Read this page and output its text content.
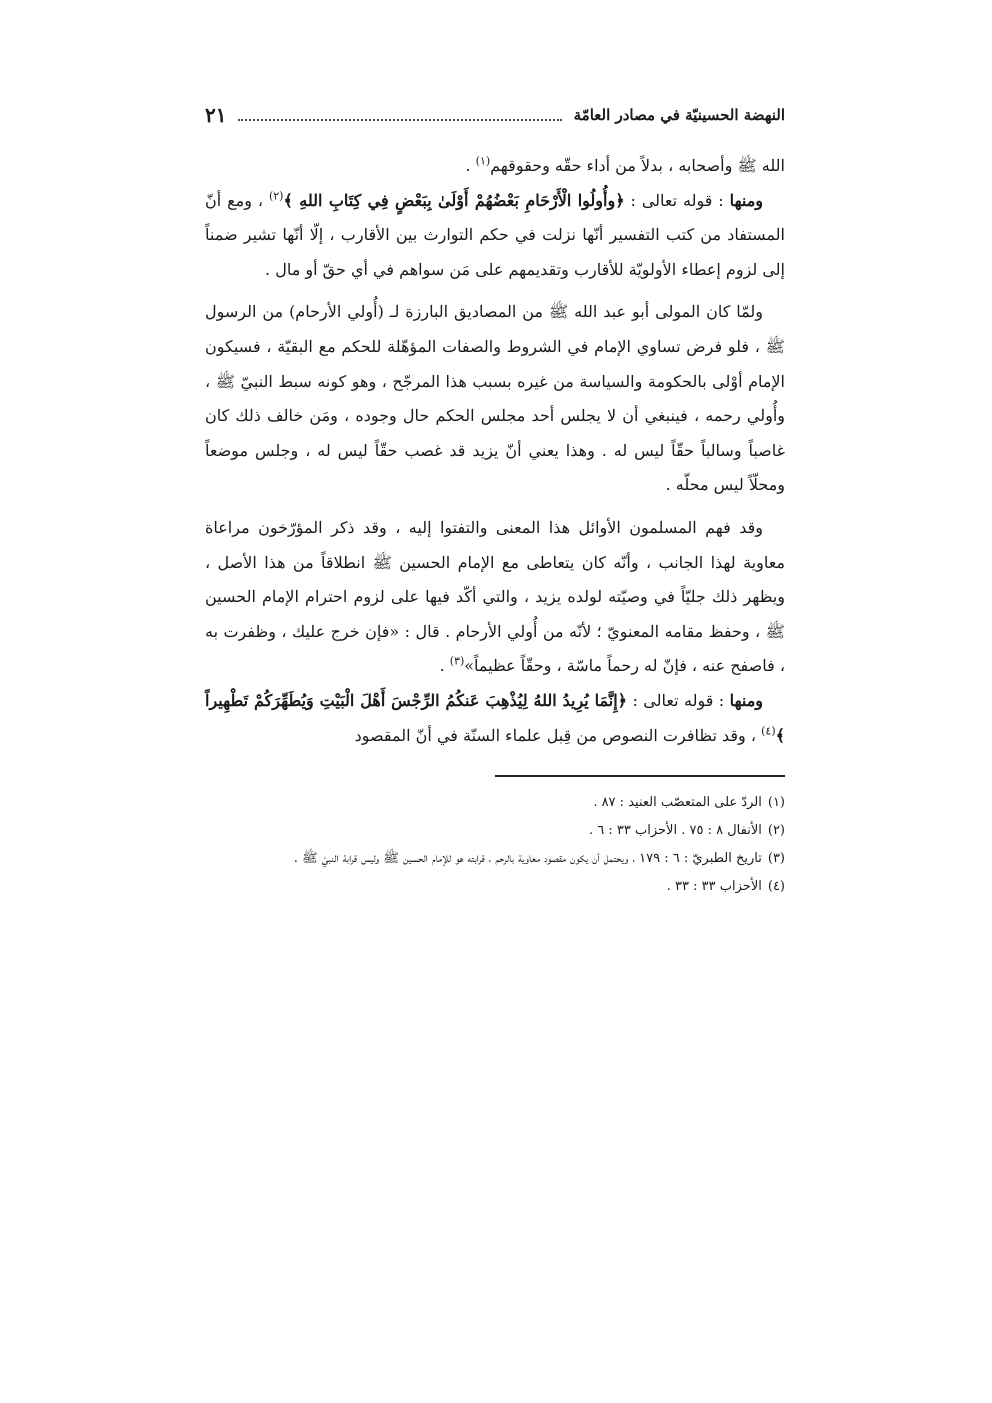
النهضة الحسينيّة في مصادر العامّة
٢١

الله ﷺ وأصحابه ، بدلاً من أداء حقّه وحقوقهم$^{(١)}$ .

ومنها : قوله تعالى : ﴿وأُولُوا الْأَرْحَامِ بَعْضُهُمْ أَوْلَىٰ بِبَعْضٍ فِي كِتَابِ اللهِ ﴾$^{(٢)}$ ، ومع أنّ المستفاد من كتب التفسير أنّها نزلت في حكم التوارث بين الأقارب ، إلّا أنّها تشير ضمناً إلى لزوم إعطاء الأولويّة للأقارب وتقديمهم على مَن سواهم في أي حقّ أو مال .

ولمّا كان المولى أبو عبد الله ﷺ من المصاديق البارزة لـ (أُولي الأرحام) من الرسول ﷺ ، فلو فرض تساوي الإمام في الشروط والصفات المؤهّلة للحكم مع البقيّة ، فسيكون الإمام أوْلى بالحكومة والسياسة من غيره بسبب هذا المرجّح ، وهو كونه سبط النبيّ ﷺ ، وأُولي رحمه ، فينبغي أن لا يجلس أحد مجلس الحكم حال وجوده ، ومَن خالف ذلك كان غاصباً وسالباً حقّاً ليس له . وهذا يعني أنّ يزيد قد غصب حقّاً ليس له ، وجلس موضعاً ومحلّاً ليس محلّه .

وقد فهم المسلمون الأوائل هذا المعنى والتفتوا إليه ، وقد ذكر المؤرّخون مراعاة معاوية لهذا الجانب ، وأنّه كان يتعاطى مع الإمام الحسين ﷺ انطلاقاً من هذا الأصل ، ويظهر ذلك جليّاً في وصيّته لولده يزيد ، والتي أكّد فيها على لزوم احترام الإمام الحسين ﷺ ، وحفظ مقامه المعنويّ ؛ لأنّه من أُولي الأرحام . قال : «فإن خرج عليك ، وظفرت به ، فاصفح عنه ، فإنّ له رحماً ماسّة ، وحقّاً عظيماً»$^{(٣)}$ .

ومنها : قوله تعالى : ﴿إِنَّمَا يُرِيدُ اللهُ لِيُذْهِبَ عَنكُمُ الرِّجْسَ أَهْلَ الْبَيْتِ وَيُطَهِّرَكُمْ تَطْهِيراً ﴾$^{(٤)}$ ، وقد تظافرت النصوص من قِبل علماء السنّة في أنّ المقصود

(١)
الردّ على المتعصّب العنيد : ٨٧ .
(٢)
الأنفال ٨ : ٧٥ . الأحزاب ٣٣ : ٦ .
(٣)
تاريخ الطبريّ : ٦ : ١٧٩ ، ويحتمل أن يكون مقصود معاوية بالرحم ، قرابته هو للإمام الحسين ﷺ وليس قرابة النبيّ ﷺ .
(٤)
الأحزاب ٣٣ : ٣٣ .
